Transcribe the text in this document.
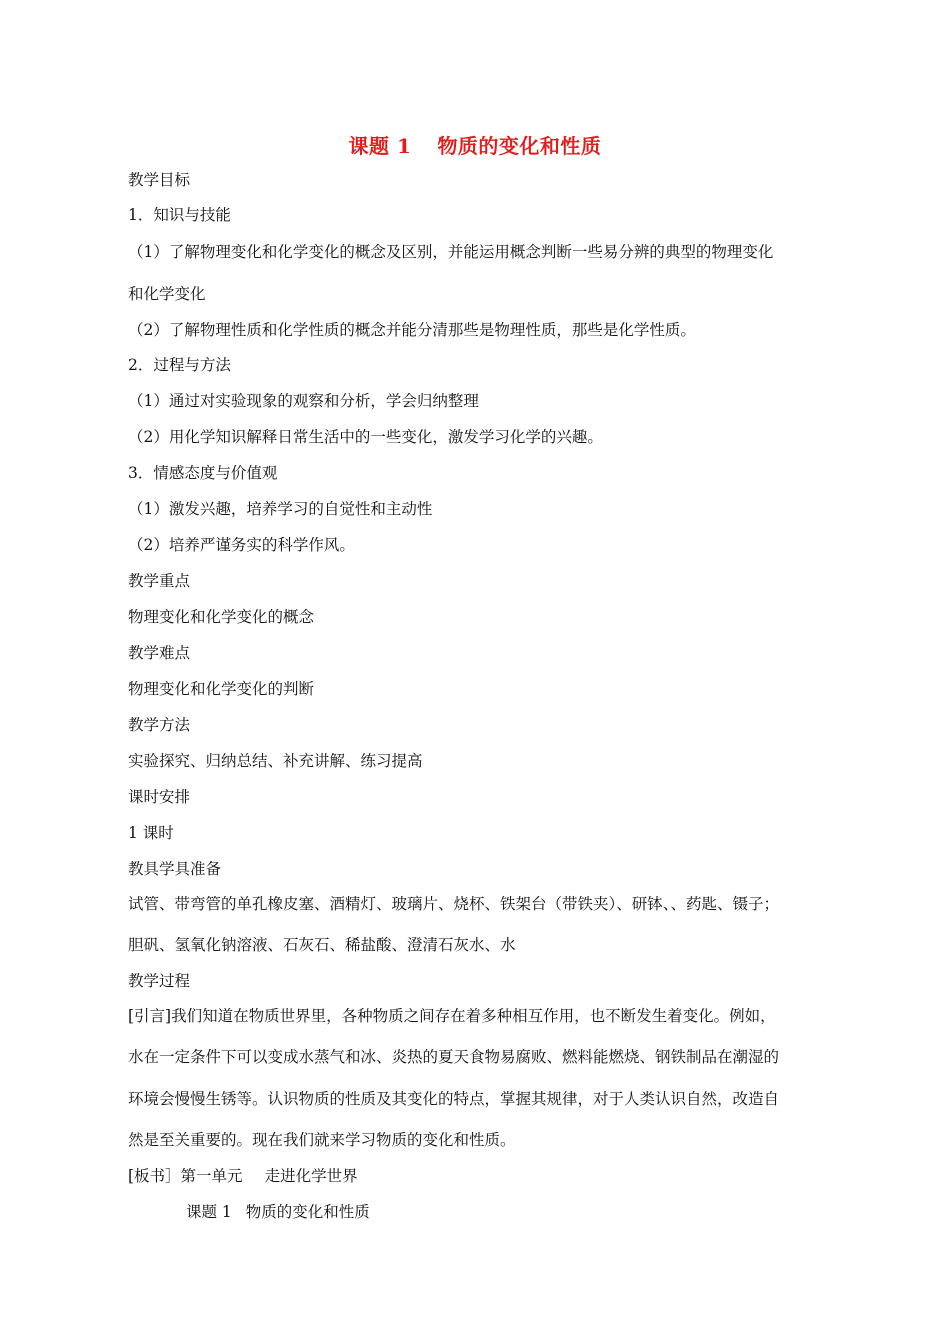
课题 1 物质的变化和性质
教学目标
1．知识与技能
（1）了解物理变化和化学变化的概念及区别，并能运用概念判断一些易分辨的典型的物理变化
和化学变化
（2）了解物理性质和化学性质的概念并能分清那些是物理性质，那些是化学性质。
2．过程与方法
（1）通过对实验现象的观察和分析，学会归纳整理
（2）用化学知识解释日常生活中的一些变化，激发学习化学的兴趣。
3．情感态度与价值观
（1）激发兴趣，培养学习的自觉性和主动性
（2）培养严谨务实的科学作风。
教学重点
物理变化和化学变化的概念
教学难点
物理变化和化学变化的判断
教学方法
实验探究、归纳总结、补充讲解、练习提高
课时安排
1 课时
教具学具准备
试管、带弯管的单孔橡皮塞、酒精灯、玻璃片、烧杯、铁架台（带铁夹）、研钵、、药匙、镊子；
胆矾、氢氧化钠溶液、石灰石、稀盐酸、澄清石灰水、水
教学过程
[引言]我们知道在物质世界里，各种物质之间存在着多种相互作用，也不断发生着变化。例如，
水在一定条件下可以变成水蒸气和冰、炎热的夏天食物易腐败、燃料能燃烧、钢铁制品在潮湿的
环境会慢慢生锈等。认识物质的性质及其变化的特点，掌握其规律，对于人类认识自然，改造自
然是至关重要的。现在我们就来学习物质的变化和性质。
[板书］第一单元 走进化学世界
课题 1 物质的变化和性质
